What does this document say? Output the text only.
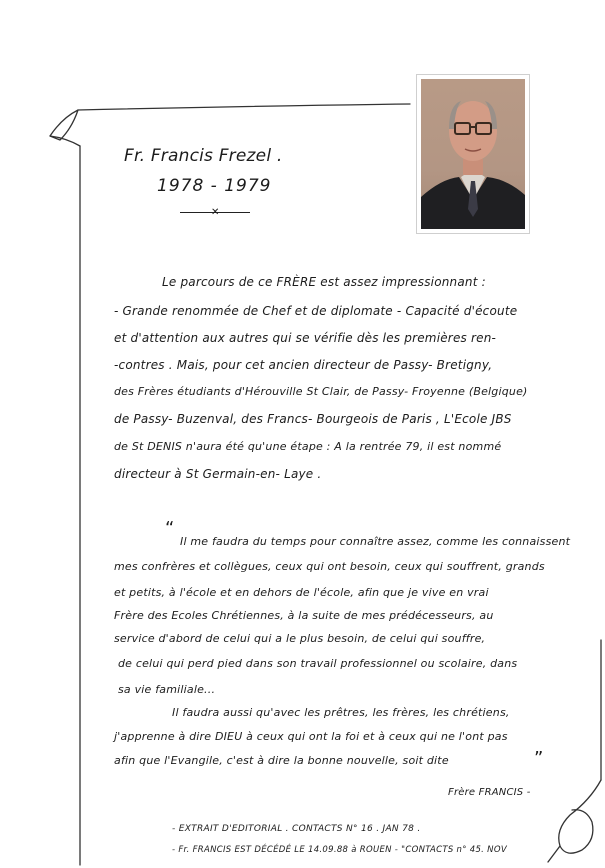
Fr. Francis Frezel .
1978 - 1979
✕
Le parcours de ce FRÈRE est assez impressionnant :
- Grande renommée de Chef et de diplomate - Capacité d'écoute
et d'attention aux autres qui se vérifie dès les premières ren-
-contres . Mais, pour cet ancien directeur de Passy- Bretigny,
des Frères étudiants d'Hérouville St Clair, de Passy- Froyenne (Belgique)
de Passy- Buzenval, des Francs- Bourgeois de Paris , L'Ecole JBS
de St DENIS n'aura été qu'une étape : A la rentrée 79, il est nommé
directeur à St Germain-en- Laye .
“
Il me faudra du temps pour connaître assez, comme les connaissent
mes confrères et collègues, ceux qui ont besoin, ceux qui souffrent, grands
et petits, à l'école et en dehors de l'école, afin que je vive en vrai
Frère des Ecoles Chrétiennes, à la suite de mes prédécesseurs, au
service d'abord de celui qui a le plus besoin, de celui qui souffre,
de celui qui perd pied dans son travail professionnel ou scolaire, dans
sa vie familiale...
Il faudra aussi qu'avec les prêtres, les frères, les chrétiens,
j'apprenne à dire DIEU à ceux qui ont la foi et à ceux qui ne l'ont pas
afin que l'Evangile, c'est à dire la bonne nouvelle, soit dite	”
Frère FRANCIS -
- EXTRAIT D'EDITORIAL . CONTACTS N° 16 . JAN 78 .
- Fr. FRANCIS EST DÉCÉDÉ LE 14.09.88 à ROUEN - "CONTACTS n° 45. NOV
